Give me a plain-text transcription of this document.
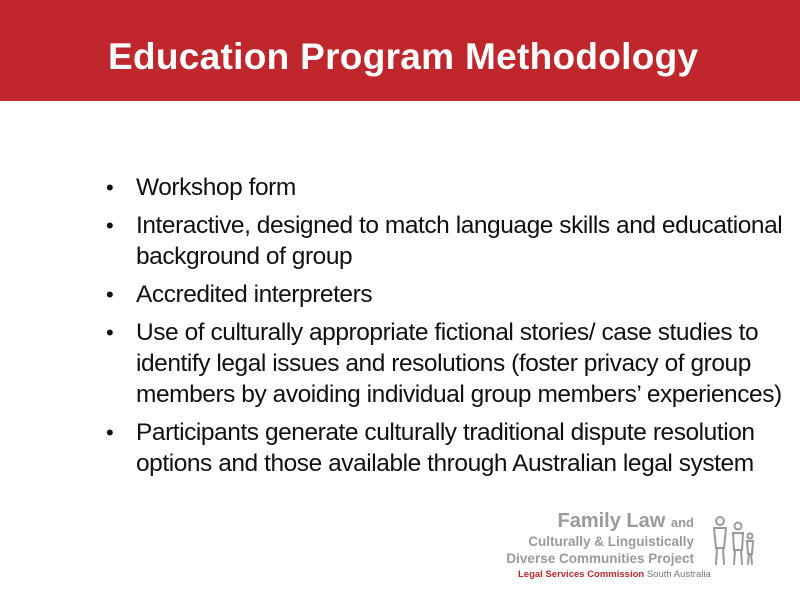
Education Program Methodology
• Workshop form
• Interactive, designed to match language skills and educational background of group
• Accredited interpreters
• Use of culturally appropriate fictional stories/ case studies to identify legal issues and resolutions (foster privacy of group members by avoiding individual group members’ experiences)
• Participants generate culturally traditional dispute resolution options and those available through Australian legal system
Family Law and
Culturally & Linguistically
Diverse Communities Project
Legal Services Commission South Australia
